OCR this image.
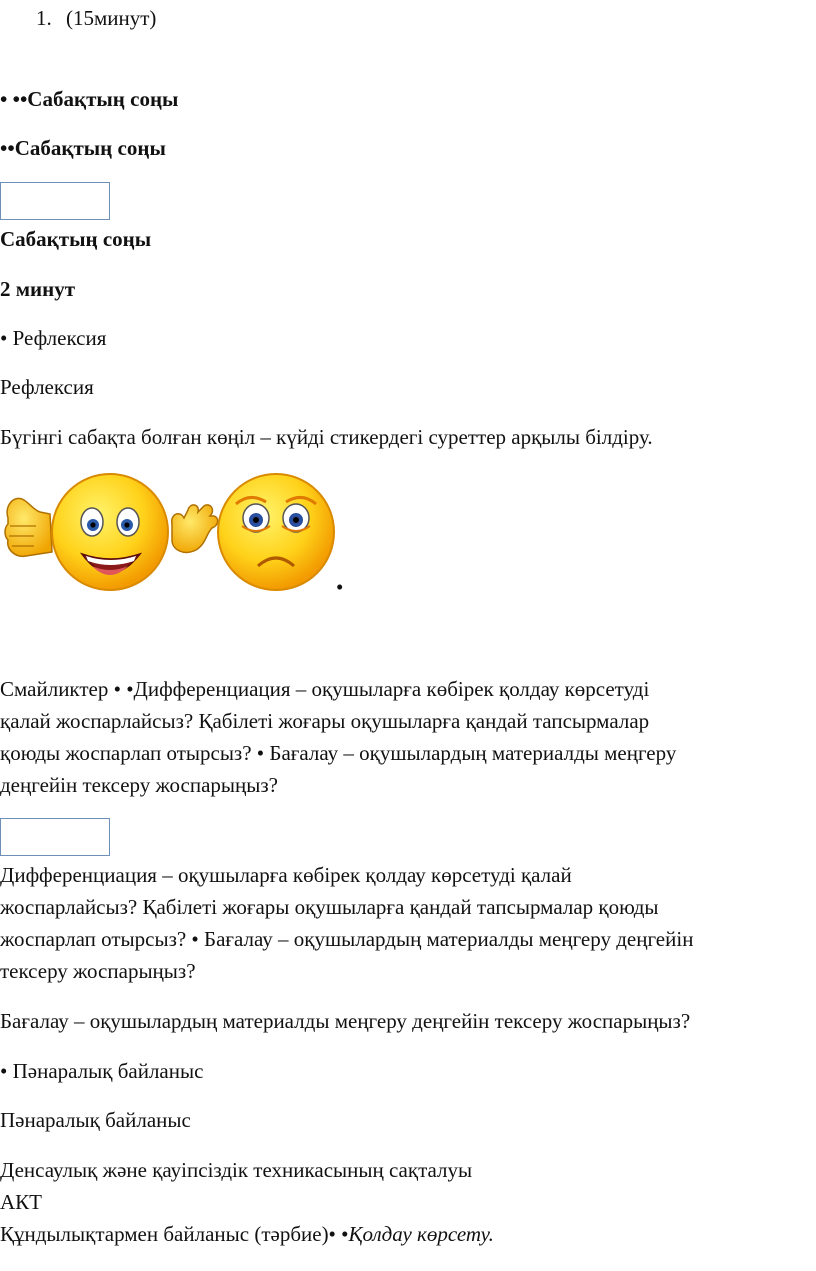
1. (15минут)
• ••Сабақтың соңы
••Сабақтың соңы
Сабақтың соңы
2 минут
• Рефлексия
Рефлексия
Бүгінгі сабақта болған көңіл – күйді стикердегі суреттер арқылы білдіру.
•
Смайликтер • •Дифференциация – оқушыларға көбірек қолдау көрсетуді
қалай жоспарлайсыз? Қабілеті жоғары оқушыларға қандай тапсырмалар
қоюды жоспарлап отырсыз? • Бағалау – оқушылардың материалды меңгеру
деңгейін тексеру жоспарыңыз?
Дифференциация – оқушыларға көбірек қолдау көрсетуді қалай
жоспарлайсыз? Қабілеті жоғары оқушыларға қандай тапсырмалар қоюды
жоспарлап отырсыз? • Бағалау – оқушылардың материалды меңгеру деңгейін
тексеру жоспарыңыз?
Бағалау – оқушылардың материалды меңгеру деңгейін тексеру жоспарыңыз?
• Пәнаралық байланыс
Пәнаралық байланыс
Денсаулық және қауіпсіздік техникасының сақталуы
АКТ
Құндылықтармен байланыс (тәрбие)• •Қолдау көрсету.
